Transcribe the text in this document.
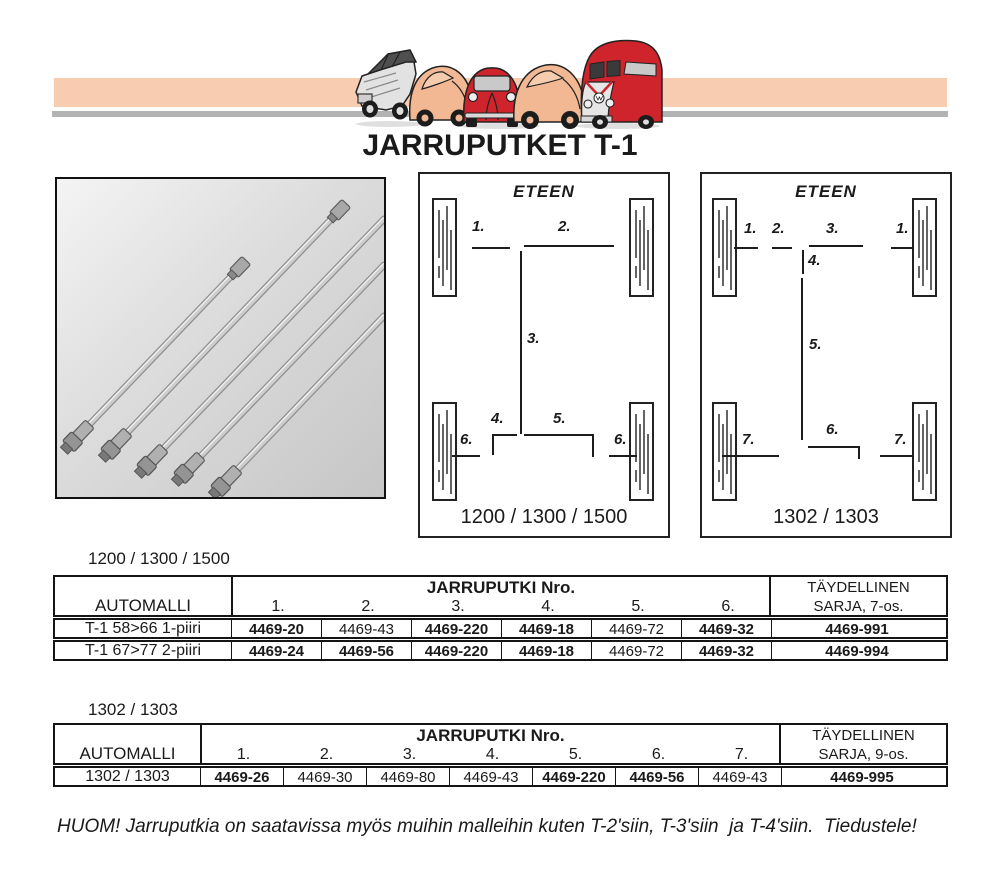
JARRUPUTKET T-1
ETEEN
1.	2.
3.
4.	5.
6.	6.
1200 / 1300 / 1500
ETEEN
1. 2.	3.	1.
4.
5.
6.
7.	7.
1302 / 1303
1200 / 1300 / 1500
AUTOMALLI
JARRUPUTKI Nro.
1.	2.	3.	4.	5.	6.
TÄYDELLINEN
SARJA, 7-os.
T-1 58>66 1-piiri	4469-20	4469-43	4469-220	4469-18	4469-72	4469-32	4469-991
T-1 67>77 2-piiri	4469-24	4469-56	4469-220	4469-18	4469-72	4469-32	4469-994
1302 / 1303
AUTOMALLI
JARRUPUTKI Nro.
1.	2.	3.	4.	5.	6.	7.
TÄYDELLINEN
SARJA, 9-os.
1302 / 1303	4469-26	4469-30	4469-80	4469-43	4469-220	4469-56	4469-43	4469-995
HUOM! Jarruputkia on saatavissa myös muihin malleihin kuten T-2'siin, T-3'siin  ja T-4'siin.  Tiedustele!
